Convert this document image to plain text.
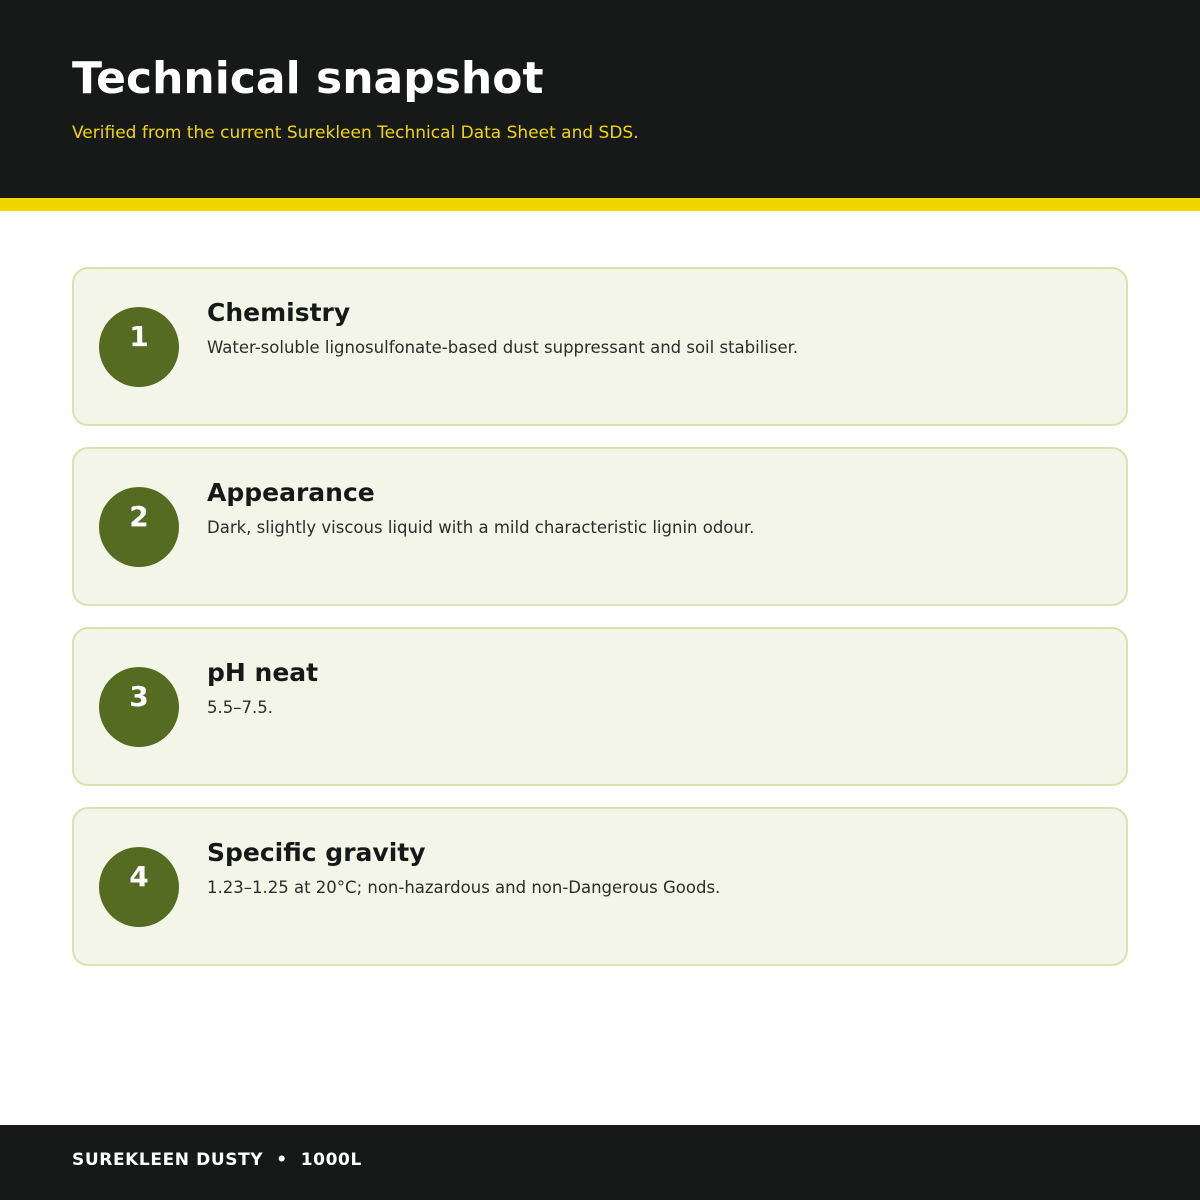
Technical snapshot

Verified from the current Surekleen Technical Data Sheet and SDS.

1
Chemistry

Water-soluble lignosulfonate-based dust suppressant and soil stabiliser.

2
Appearance

Dark, slightly viscous liquid with a mild characteristic lignin odour.

3
pH neat

5.5–7.5.

4
Specific gravity

1.23–1.25 at 20°C; non-hazardous and non-Dangerous Goods.

SUREKLEEN DUSTY  •  1000L
